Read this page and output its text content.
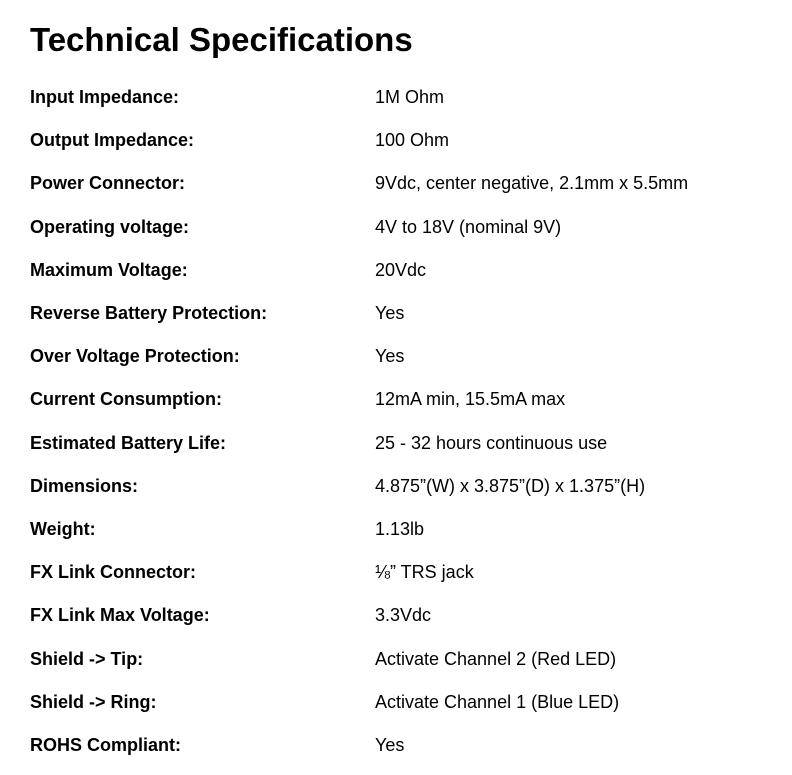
Technical Specifications
Input Impedance:	1M Ohm
Output Impedance:	100 Ohm
Power Connector:	9Vdc, center negative, 2.1mm x 5.5mm
Operating voltage:	4V to 18V (nominal 9V)
Maximum Voltage:	20Vdc
Reverse Battery Protection:	Yes
Over Voltage Protection:	Yes
Current Consumption:	12mA min, 15.5mA max
Estimated Battery Life:	25 - 32 hours continuous use
Dimensions:	4.875”(W) x 3.875”(D) x 1.375”(H)
Weight:	1.13lb
FX Link Connector:	⅛” TRS jack
FX Link Max Voltage:	3.3Vdc
Shield -> Tip:	Activate Channel 2 (Red LED)
Shield -> Ring:	Activate Channel 1 (Blue LED)
ROHS Compliant:	Yes
